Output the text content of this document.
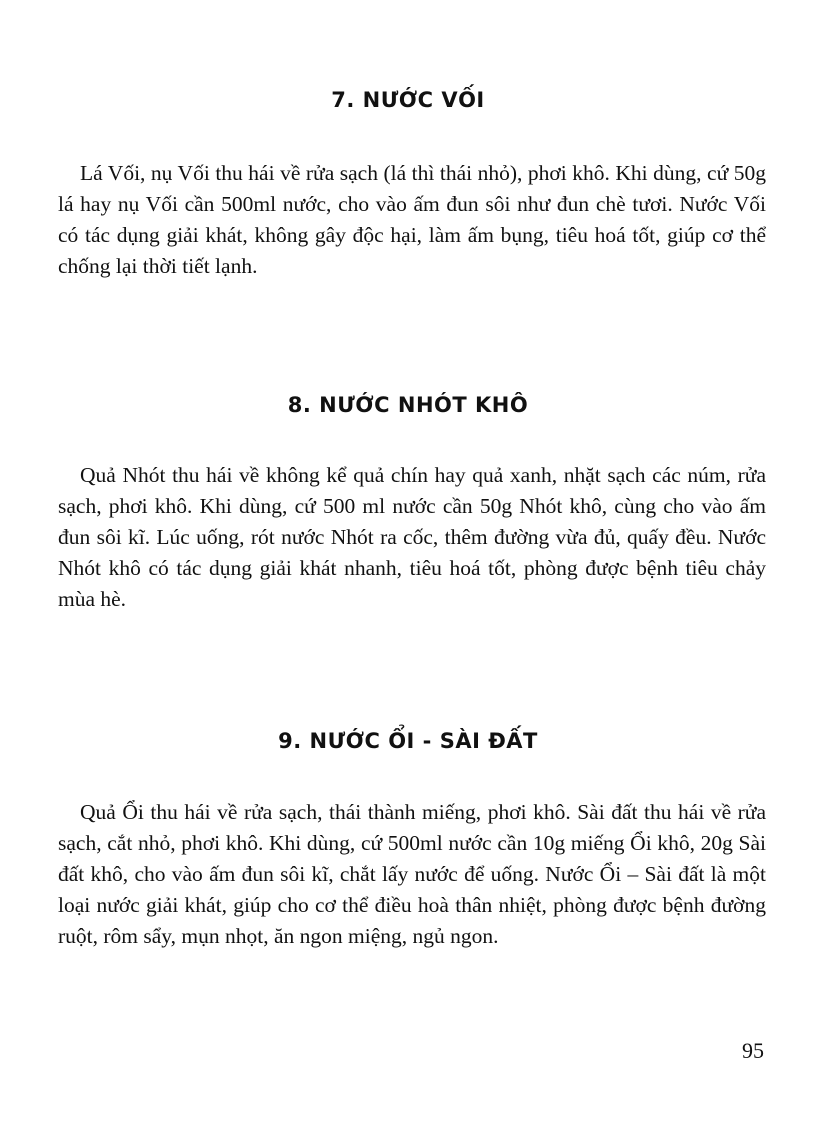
7. NƯỚC VỐI

Lá Vối, nụ Vối thu hái về rửa sạch (lá thì thái nhỏ), phơi khô. Khi dùng, cứ 50g lá hay nụ Vối cần 500ml nước, cho vào ấm đun sôi như đun chè tươi. Nước Vối có tác dụng giải khát, không gây độc hại, làm ấm bụng, tiêu hoá tốt, giúp cơ thể chống lại thời tiết lạnh.

8. NƯỚC NHÓT KHÔ

Quả Nhót thu hái về không kể quả chín hay quả xanh, nhặt sạch các núm, rửa sạch, phơi khô. Khi dùng, cứ 500 ml nước cần 50g Nhót khô, cùng cho vào ấm đun sôi kĩ. Lúc uống, rót nước Nhót ra cốc, thêm đường vừa đủ, quấy đều. Nước Nhót khô có tác dụng giải khát nhanh, tiêu hoá tốt, phòng được bệnh tiêu chảy mùa hè.

9. NƯỚC ỔI - SÀI ĐẤT

Quả Ổi thu hái về rửa sạch, thái thành miếng, phơi khô. Sài đất thu hái về rửa sạch, cắt nhỏ, phơi khô. Khi dùng, cứ 500ml nước cần 10g miếng Ổi khô, 20g Sài đất khô, cho vào ấm đun sôi kĩ, chắt lấy nước để uống. Nước Ổi – Sài đất là một loại nước giải khát, giúp cho cơ thể điều hoà thân nhiệt, phòng được bệnh đường ruột, rôm sẩy, mụn nhọt, ăn ngon miệng, ngủ ngon.

95
